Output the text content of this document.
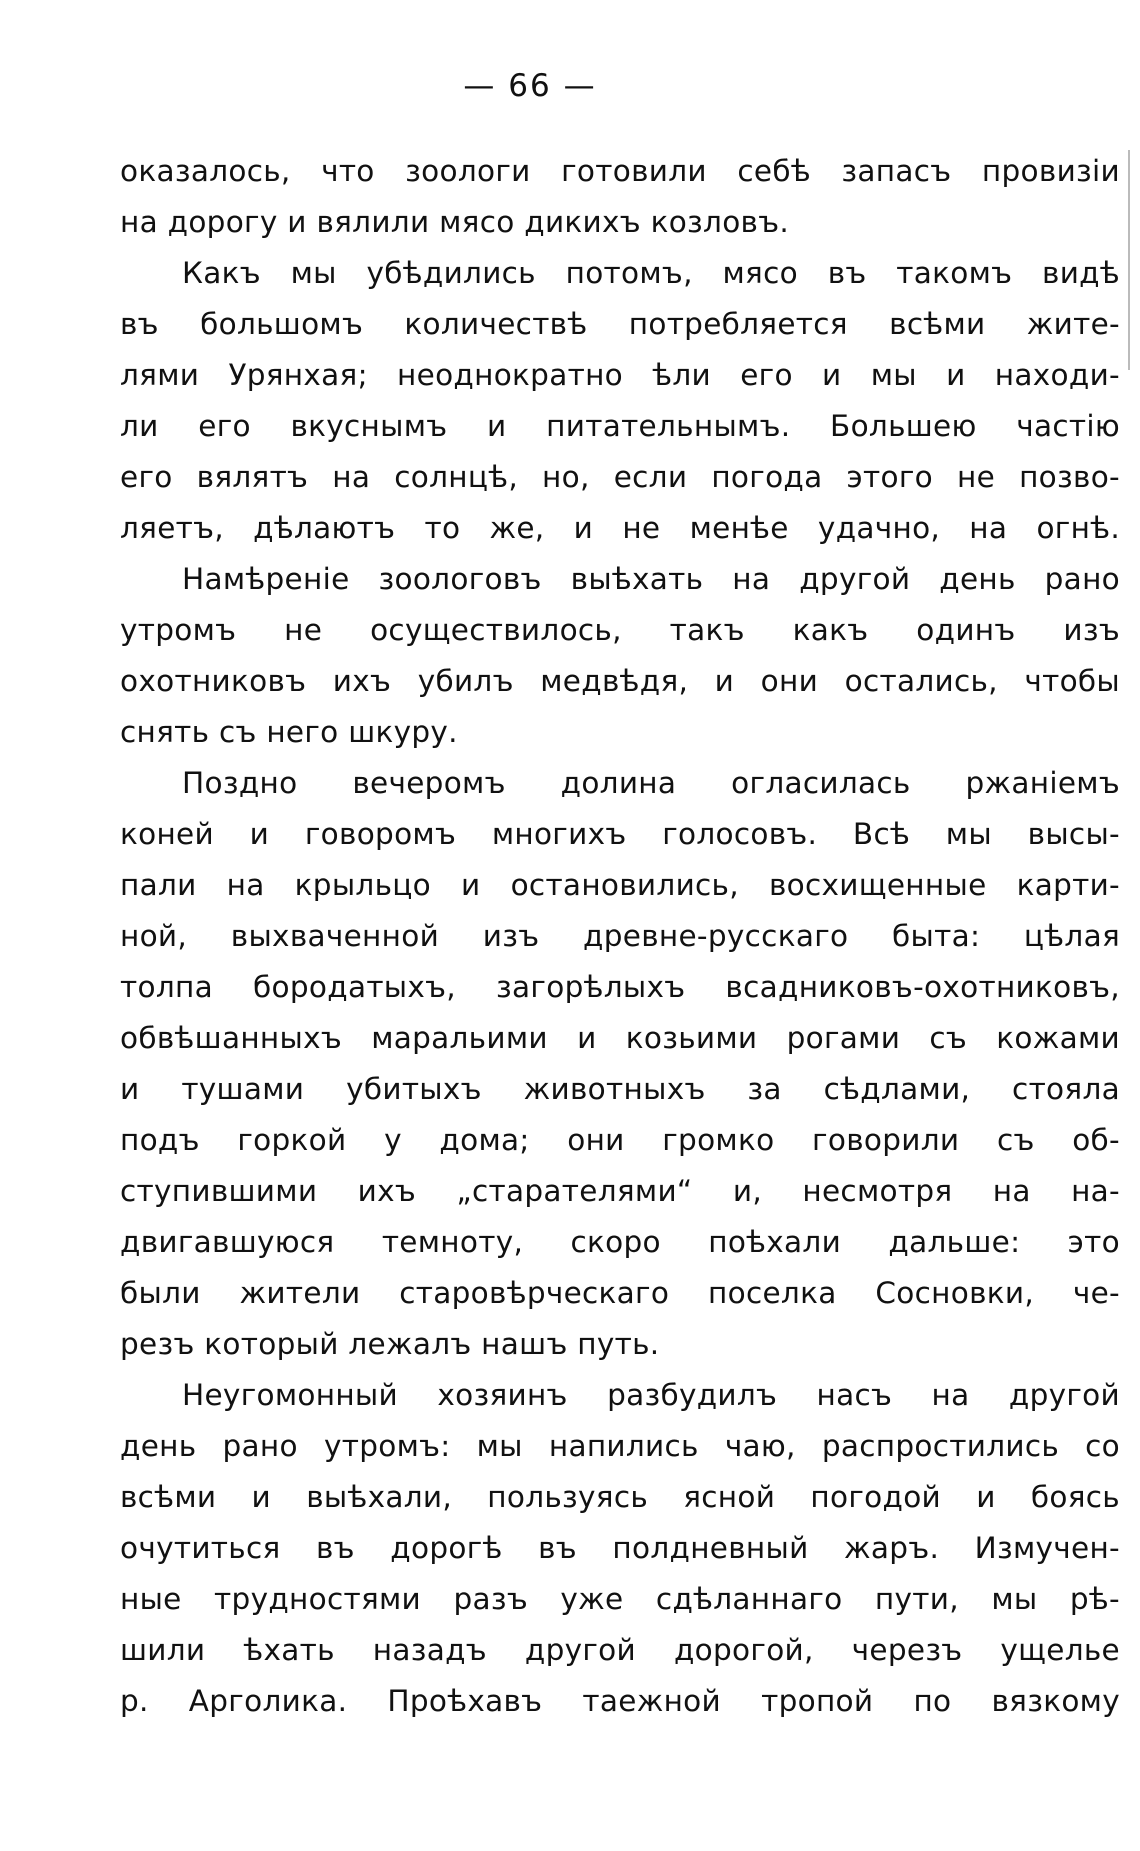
— 66 —
оказалось, что зоологи готовили себѣ запасъ провизіи
на дорогу и вялили мясо дикихъ козловъ.
Какъ мы убѣдились потомъ, мясо въ такомъ видѣ
въ большомъ количествѣ потребляется всѣми жите-
лями Урянхая; неоднократно ѣли его и мы и находи-
ли его вкуснымъ и питательнымъ. Большею частію
его вялятъ на солнцѣ, но, если погода этого не позво-
ляетъ, дѣлаютъ то же, и не менѣе удачно, на огнѣ.
Намѣреніе зоологовъ выѣхать на другой день рано
утромъ не осуществилось, такъ какъ одинъ изъ
охотниковъ ихъ убилъ медвѣдя, и они остались, чтобы
снять съ него шкуру.
Поздно вечеромъ долина огласилась ржаніемъ
коней и говоромъ многихъ голосовъ. Всѣ мы высы-
пали на крыльцо и остановились, восхищенные карти-
ной, выхваченной изъ древне-русскаго быта: цѣлая
толпа бородатыхъ, загорѣлыхъ всадниковъ-охотниковъ,
обвѣшанныхъ маральими и козьими рогами съ кожами
и тушами убитыхъ животныхъ за сѣдлами, стояла
подъ горкой у дома; они громко говорили съ об-
ступившими ихъ „старателями“ и, несмотря на на-
двигавшуюся темноту, скоро поѣхали дальше: это
были жители старовѣрческаго поселка Сосновки, че-
резъ который лежалъ нашъ путь.
Неугомонный хозяинъ разбудилъ насъ на другой
день рано утромъ: мы напились чаю, распростились со
всѣми и выѣхали, пользуясь ясной погодой и боясь
очутиться въ дорогѣ въ полдневный жаръ. Измучен-
ные трудностями разъ уже сдѣланнаго пути, мы рѣ-
шили ѣхать назадъ другой дорогой, черезъ ущелье
р. Арголика. Проѣхавъ таежной тропой по вязкому
